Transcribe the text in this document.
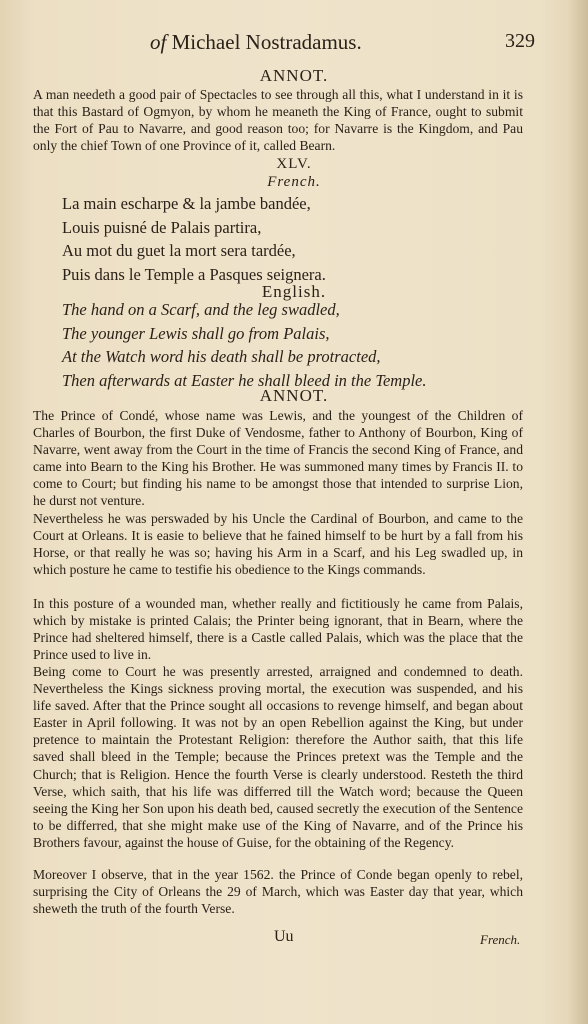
of Michael Nostradamus.	329
ANNOT.
A man needeth a good pair of Spectacles to see through all this, what I understand in it is that this Bastard of Ogmyon, by whom he meaneth the King of France, ought to submit the Fort of Pau to Navarre, and good reason too; for Navarre is the Kingdom, and Pau only the chief Town of one Province of it, called Bearn.
XLV.
French.
La main escharpe & la jambe bandée,
Louis puisné de Palais partira,
Au mot du guet la mort sera tardée,
Puis dans le Temple a Pasques seignera.
English.
The hand on a Scarf, and the leg swadled,
The younger Lewis shall go from Palais,
At the Watch word his death shall be protracted,
Then afterwards at Easter he shall bleed in the Temple.
ANNOT.
The Prince of Condé, whose name was Lewis, and the youngest of the Children of Charles of Bourbon, the first Duke of Vendosme, father to Anthony of Bourbon, King of Navarre, went away from the Court in the time of Francis the second King of France, and came into Bearn to the King his Brother. He was summoned many times by Francis II. to come to Court; but finding his name to be amongst those that intended to surprise Lion, he durst not venture.
Nevertheless he was perswaded by his Uncle the Cardinal of Bourbon, and came to the Court at Orleans. It is easie to believe that he fained himself to be hurt by a fall from his Horse, or that really he was so; having his Arm in a Scarf, and his Leg swadled up, in which posture he came to testifie his obedience to the Kings commands.
In this posture of a wounded man, whether really and fictitiously he came from Palais, which by mistake is printed Calais; the Printer being ignorant, that in Bearn, where the Prince had sheltered himself, there is a Castle called Palais, which was the place that the Prince used to live in.
Being come to Court he was presently arrested, arraigned and condemned to death. Nevertheless the Kings sickness proving mortal, the execution was suspended, and his life saved. After that the Prince sought all occasions to revenge himself, and began about Easter in April following. It was not by an open Rebellion against the King, but under pretence to maintain the Protestant Religion: therefore the Author saith, that this life saved shall bleed in the Temple; because the Princes pretext was the Temple and the Church; that is Religion. Hence the fourth Verse is clearly understood. Resteth the third Verse, which saith, that his life was differred till the Watch word; because the Queen seeing the King her Son upon his death bed, caused secretly the execution of the Sentence to be differred, that she might make use of the King of Navarre, and of the Prince his Brothers favour, against the house of Guise, for the obtaining of the Regency.
Moreover I observe, that in the year 1562. the Prince of Conde began openly to rebel, surprising the City of Orleans the 29 of March, which was Easter day that year, which sheweth the truth of the fourth Verse.
Uu	French.
